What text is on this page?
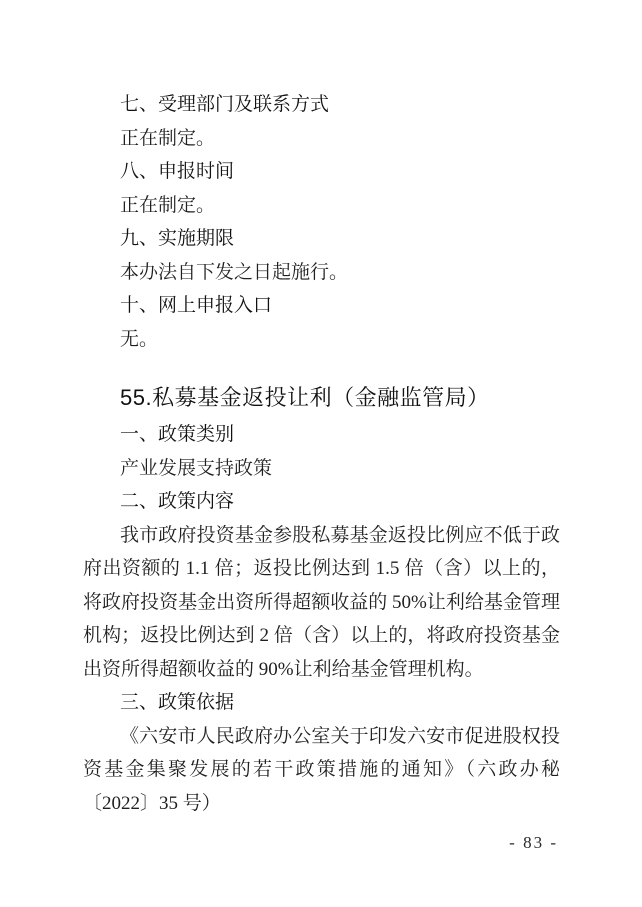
七、受理部门及联系方式

正在制定。

八、申报时间

正在制定。

九、实施期限

本办法自下发之日起施行。

十、网上申报入口

无。

55.私募基金返投让利（金融监管局）
一、政策类别

产业发展支持政策

二、政策内容

我市政府投资基金参股私募基金返投比例应不低于政府出资额的 1.1 倍；返投比例达到 1.5 倍（含）以上的，将政府投资基金出资所得超额收益的 50%让利给基金管理机构；返投比例达到 2 倍（含）以上的，将政府投资基金出资所得超额收益的 90%让利给基金管理机构。

三、政策依据

《六安市人民政府办公室关于印发六安市促进股权投资基金集聚发展的若干政策措施的通知》（六政办秘〔2022〕35 号）

- 83 -
